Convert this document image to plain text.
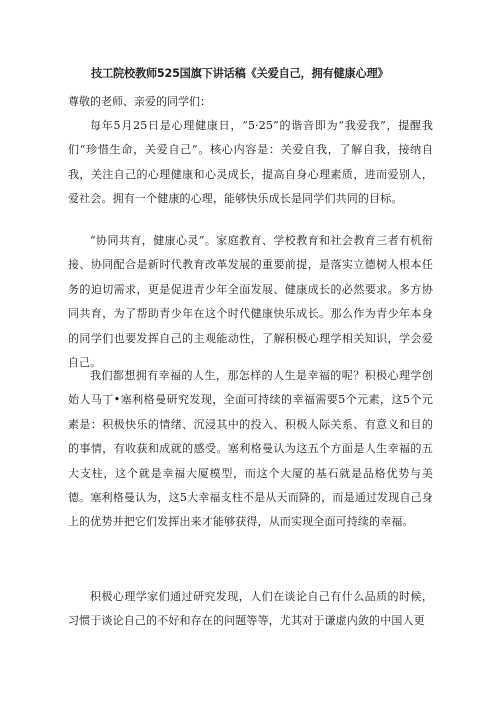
技工院校教师525国旗下讲话稿《关爱自己，拥有健康心理》
尊敬的老师、亲爱的同学们：

每年5月25日是心理健康日，“5·25”的谐音即为“我爱我”，提醒我们“珍惜生命，关爱自己”。核心内容是：关爱自我，了解自我，接纳自我，关注自己的心理健康和心灵成长，提高自身心理素质，进而爱别人，爱社会。拥有一个健康的心理，能够快乐成长是同学们共同的目标。

“协同共育，健康心灵”。家庭教育、学校教育和社会教育三者有机衔接、协同配合是新时代教育改革发展的重要前提，是落实立德树人根本任务的迫切需求，更是促进青少年全面发展、健康成长的必然要求。多方协同共育，为了帮助青少年在这个时代健康快乐成长。那么作为青少年本身的同学们也要发挥自己的主观能动性，了解积极心理学相关知识，学会爱自己。

我们都想拥有幸福的人生，那怎样的人生是幸福的呢？积极心理学创始人马丁•塞利格曼研究发现，全面可持续的幸福需要5个元素，这5个元素是：积极快乐的情绪、沉浸其中的投入、积极人际关系、有意义和目的的事情，有收获和成就的感受。塞利格曼认为这五个方面是人生幸福的五大支柱，这个就是幸福大厦模型，而这个大厦的基石就是品格优势与美德。塞利格曼认为，这5大幸福支柱不是从天而降的，而是通过发现自己身上的优势并把它们发挥出来才能够获得，从而实现全面可持续的幸福。

积极心理学家们通过研究发现，人们在谈论自己有什么品质的时候，习惯于谈论自己的不好和存在的问题等等，尤其对于谦虚内敛的中国人更
